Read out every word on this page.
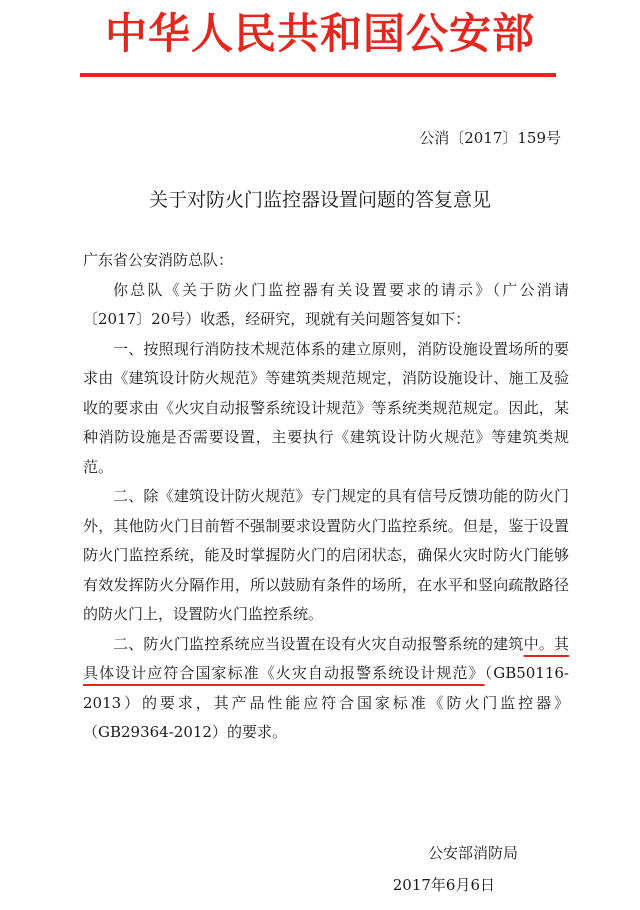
中华人民共和国公安部
公消〔2017〕159号
关于对防火门监控器设置问题的答复意见

广东省公安消防总队：

你总队《关于防火门监控器有关设置要求的请示》（广公消请〔2017〕20号）收悉，经研究，现就有关问题答复如下：

一、按照现行消防技术规范体系的建立原则，消防设施设置场所的要求由《建筑设计防火规范》等建筑类规范规定，消防设施设计、施工及验收的要求由《火灾自动报警系统设计规范》等系统类规范规定。因此，某种消防设施是否需要设置，主要执行《建筑设计防火规范》等建筑类规范。

二、除《建筑设计防火规范》专门规定的具有信号反馈功能的防火门外，其他防火门目前暂不强制要求设置防火门监控系统。但是，鉴于设置防火门监控系统，能及时掌握防火门的启闭状态，确保火灾时防火门能够有效发挥防火分隔作用，所以鼓励有条件的场所，在水平和竖向疏散路径的防火门上，设置防火门监控系统。

二、防火门监控系统应当设置在设有火灾自动报警系统的建筑中。其具体设计应符合国家标准《火灾自动报警系统设计规范》（GB50116-2013）的要求，其产品性能应符合国家标准《防火门监控器》（GB29364-2012）的要求。

公安部消防局
2017年6月6日
